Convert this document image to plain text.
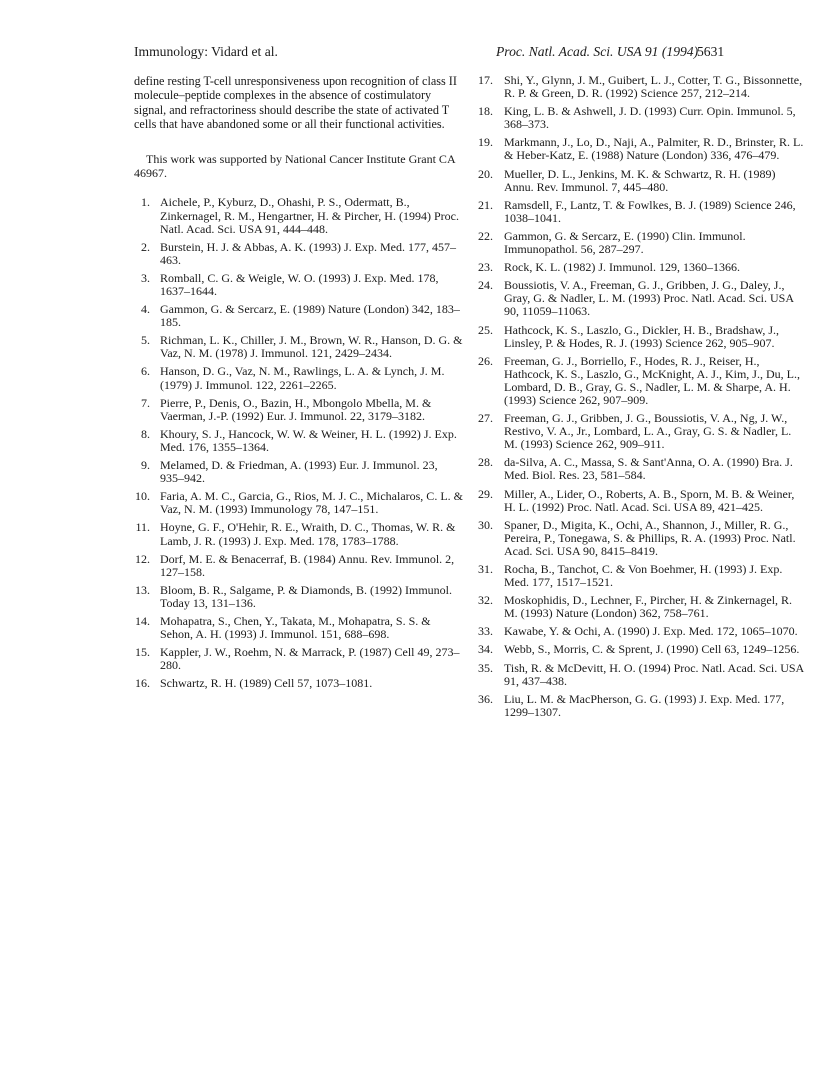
Immunology: Vidard et al.	Proc. Natl. Acad. Sci. USA 91 (1994)
5631

define resting T-cell unresponsiveness upon recognition of class II molecule–peptide complexes in the absence of costimulatory signal, and refractoriness should describe the state of activated T cells that have abandoned some or all their functional activities.

This work was supported by National Cancer Institute Grant CA 46967.

1. Aichele, P., Kyburz, D., Ohashi, P. S., Odermatt, B., Zinkernagel, R. M., Hengartner, H. & Pircher, H. (1994) Proc. Natl. Acad. Sci. USA 91, 444–448.
2. Burstein, H. J. & Abbas, A. K. (1993) J. Exp. Med. 177, 457–463.
3. Romball, C. G. & Weigle, W. O. (1993) J. Exp. Med. 178, 1637–1644.
4. Gammon, G. & Sercarz, E. (1989) Nature (London) 342, 183–185.
5. Richman, L. K., Chiller, J. M., Brown, W. R., Hanson, D. G. & Vaz, N. M. (1978) J. Immunol. 121, 2429–2434.
6. Hanson, D. G., Vaz, N. M., Rawlings, L. A. & Lynch, J. M. (1979) J. Immunol. 122, 2261–2265.
7. Pierre, P., Denis, O., Bazin, H., Mbongolo Mbella, M. & Vaerman, J.-P. (1992) Eur. J. Immunol. 22, 3179–3182.
8. Khoury, S. J., Hancock, W. W. & Weiner, H. L. (1992) J. Exp. Med. 176, 1355–1364.
9. Melamed, D. & Friedman, A. (1993) Eur. J. Immunol. 23, 935–942.
10. Faria, A. M. C., Garcia, G., Rios, M. J. C., Michalaros, C. L. & Vaz, N. M. (1993) Immunology 78, 147–151.
11. Hoyne, G. F., O'Hehir, R. E., Wraith, D. C., Thomas, W. R. & Lamb, J. R. (1993) J. Exp. Med. 178, 1783–1788.
12. Dorf, M. E. & Benacerraf, B. (1984) Annu. Rev. Immunol. 2, 127–158.
13. Bloom, B. R., Salgame, P. & Diamonds, B. (1992) Immunol. Today 13, 131–136.
14. Mohapatra, S., Chen, Y., Takata, M., Mohapatra, S. S. & Sehon, A. H. (1993) J. Immunol. 151, 688–698.
15. Kappler, J. W., Roehm, N. & Marrack, P. (1987) Cell 49, 273–280.
16. Schwartz, R. H. (1989) Cell 57, 1073–1081.
17. Shi, Y., Glynn, J. M., Guibert, L. J., Cotter, T. G., Bissonnette, R. P. & Green, D. R. (1992) Science 257, 212–214.
18. King, L. B. & Ashwell, J. D. (1993) Curr. Opin. Immunol. 5, 368–373.
19. Markmann, J., Lo, D., Naji, A., Palmiter, R. D., Brinster, R. L. & Heber-Katz, E. (1988) Nature (London) 336, 476–479.
20. Mueller, D. L., Jenkins, M. K. & Schwartz, R. H. (1989) Annu. Rev. Immunol. 7, 445–480.
21. Ramsdell, F., Lantz, T. & Fowlkes, B. J. (1989) Science 246, 1038–1041.
22. Gammon, G. & Sercarz, E. (1990) Clin. Immunol. Immunopathol. 56, 287–297.
23. Rock, K. L. (1982) J. Immunol. 129, 1360–1366.
24. Boussiotis, V. A., Freeman, G. J., Gribben, J. G., Daley, J., Gray, G. & Nadler, L. M. (1993) Proc. Natl. Acad. Sci. USA 90, 11059–11063.
25. Hathcock, K. S., Laszlo, G., Dickler, H. B., Bradshaw, J., Linsley, P. & Hodes, R. J. (1993) Science 262, 905–907.
26. Freeman, G. J., Borriello, F., Hodes, R. J., Reiser, H., Hathcock, K. S., Laszlo, G., McKnight, A. J., Kim, J., Du, L., Lombard, D. B., Gray, G. S., Nadler, L. M. & Sharpe, A. H. (1993) Science 262, 907–909.
27. Freeman, G. J., Gribben, J. G., Boussiotis, V. A., Ng, J. W., Restivo, V. A., Jr., Lombard, L. A., Gray, G. S. & Nadler, L. M. (1993) Science 262, 909–911.
28. da-Silva, A. C., Massa, S. & Sant'Anna, O. A. (1990) Bra. J. Med. Biol. Res. 23, 581–584.
29. Miller, A., Lider, O., Roberts, A. B., Sporn, M. B. & Weiner, H. L. (1992) Proc. Natl. Acad. Sci. USA 89, 421–425.
30. Spaner, D., Migita, K., Ochi, A., Shannon, J., Miller, R. G., Pereira, P., Tonegawa, S. & Phillips, R. A. (1993) Proc. Natl. Acad. Sci. USA 90, 8415–8419.
31. Rocha, B., Tanchot, C. & Von Boehmer, H. (1993) J. Exp. Med. 177, 1517–1521.
32. Moskophidis, D., Lechner, F., Pircher, H. & Zinkernagel, R. M. (1993) Nature (London) 362, 758–761.
33. Kawabe, Y. & Ochi, A. (1990) J. Exp. Med. 172, 1065–1070.
34. Webb, S., Morris, C. & Sprent, J. (1990) Cell 63, 1249–1256.
35. Tish, R. & McDevitt, H. O. (1994) Proc. Natl. Acad. Sci. USA 91, 437–438.
36. Liu, L. M. & MacPherson, G. G. (1993) J. Exp. Med. 177, 1299–1307.
